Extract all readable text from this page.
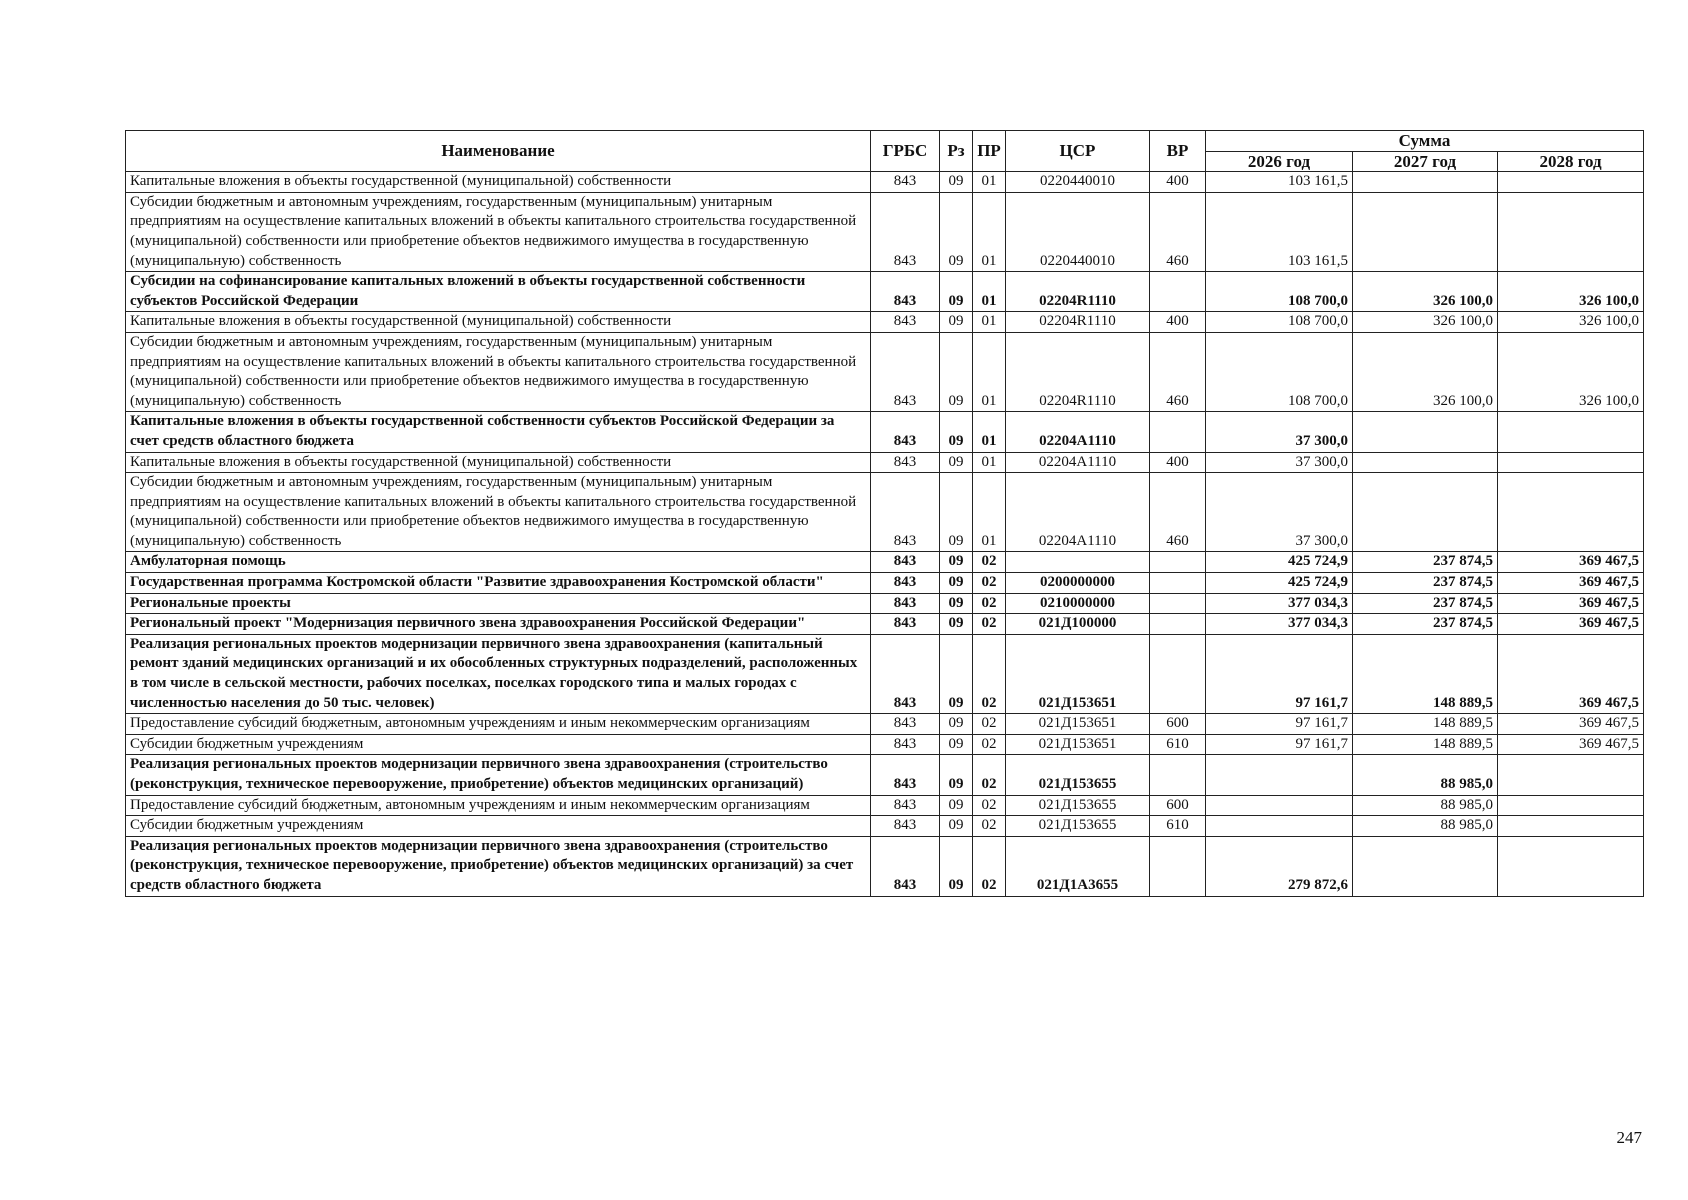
Наименование	ГРБС	Рз	ПР	ЦСР	ВР	Сумма		
						2026 год	2027 год	2028 год
Капитальные вложения в объекты государственной (муниципальной) собственности	843	09	01	0220440010	400	103 161,5		
Субсидии бюджетным и автономным учреждениям, государственным (муниципальным) унитарным предприятиям на осуществление капитальных вложений в объекты капитального строительства государственной (муниципальной) собственности или приобретение объектов недвижимого имущества в государственную (муниципальную) собственность	843	09	01	0220440010	460	103 161,5		
Субсидии на софинансирование капитальных вложений в объекты государственной собственности субъектов Российской Федерации	843	09	01	02204R1110		108 700,0	326 100,0	326 100,0
Капитальные вложения в объекты государственной (муниципальной) собственности	843	09	01	02204R1110	400	108 700,0	326 100,0	326 100,0
Субсидии бюджетным и автономным учреждениям, государственным (муниципальным) унитарным предприятиям на осуществление капитальных вложений в объекты капитального строительства государственной (муниципальной) собственности или приобретение объектов недвижимого имущества в государственную (муниципальную) собственность	843	09	01	02204R1110	460	108 700,0	326 100,0	326 100,0
Капитальные вложения в объекты государственной собственности субъектов Российской Федерации за счет средств областного бюджета	843	09	01	02204A1110		37 300,0		
Капитальные вложения в объекты государственной (муниципальной) собственности	843	09	01	02204A1110	400	37 300,0		
Субсидии бюджетным и автономным учреждениям, государственным (муниципальным) унитарным предприятиям на осуществление капитальных вложений в объекты капитального строительства государственной (муниципальной) собственности или приобретение объектов недвижимого имущества в государственную (муниципальную) собственность	843	09	01	02204A1110	460	37 300,0		
Амбулаторная помощь	843	09	02			425 724,9	237 874,5	369 467,5
Государственная программа Костромской области "Развитие здравоохранения Костромской области"	843	09	02	0200000000		425 724,9	237 874,5	369 467,5
Региональные проекты	843	09	02	0210000000		377 034,3	237 874,5	369 467,5
Региональный проект "Модернизация первичного звена здравоохранения Российской Федерации"	843	09	02	021Д100000		377 034,3	237 874,5	369 467,5
Реализация региональных проектов модернизации первичного звена здравоохранения (капитальный ремонт зданий медицинских организаций и их обособленных структурных подразделений, расположенных в том числе в сельской местности, рабочих поселках, поселках городского типа и малых городах с численностью населения до 50 тыс. человек)	843	09	02	021Д153651		97 161,7	148 889,5	369 467,5
Предоставление субсидий бюджетным, автономным учреждениям и иным некоммерческим организациям	843	09	02	021Д153651	600	97 161,7	148 889,5	369 467,5
Субсидии бюджетным учреждениям	843	09	02	021Д153651	610	97 161,7	148 889,5	369 467,5
Реализация региональных проектов модернизации первичного звена здравоохранения (строительство (реконструкция, техническое перевооружение, приобретение) объектов медицинских организаций)	843	09	02	021Д153655			88 985,0	
Предоставление субсидий бюджетным, автономным учреждениям и иным некоммерческим организациям	843	09	02	021Д153655	600		88 985,0	
Субсидии бюджетным учреждениям	843	09	02	021Д153655	610		88 985,0	
Реализация региональных проектов модернизации первичного звена здравоохранения (строительство (реконструкция, техническое перевооружение, приобретение) объектов медицинских организаций) за счет средств областного бюджета	843	09	02	021Д1А3655		279 872,6		
247
